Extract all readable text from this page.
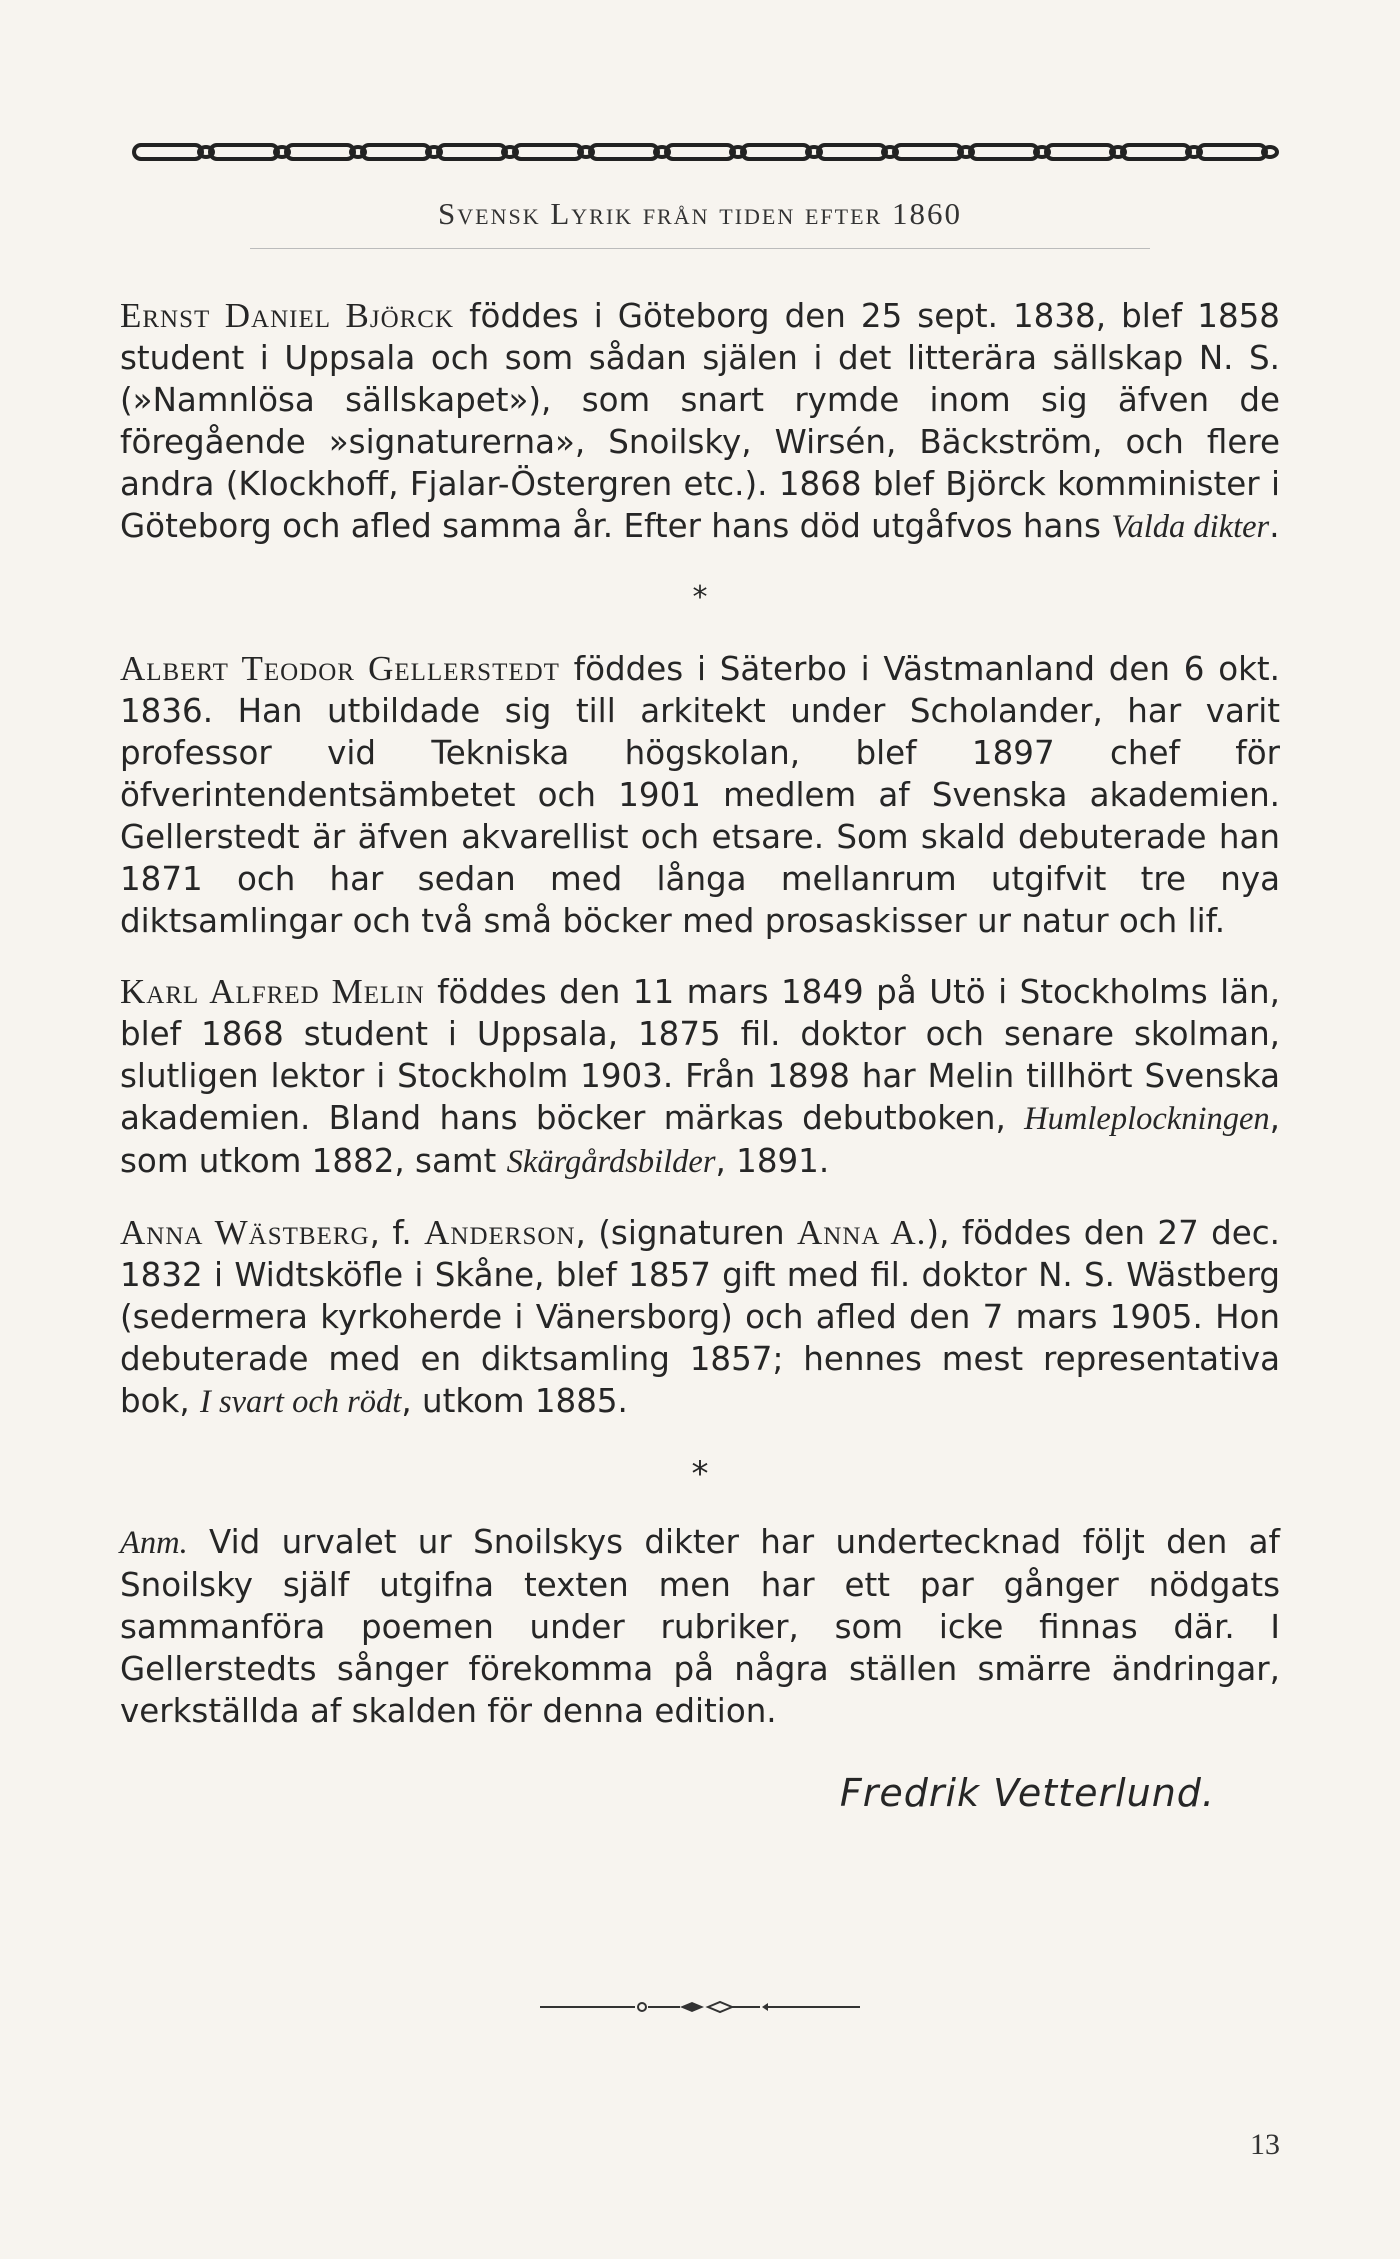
Svensk Lyrik från tiden efter 1860

Ernst Daniel Björck föddes i Göteborg den 25 sept. 1838, blef 1858 student i Uppsala och som sådan själen i det litterära sällskap N. S. (»Namnlösa sällskapet»), som snart rymde inom sig äfven de föregående »signaturerna», Snoilsky, Wirsén, Bäckström, och flere andra (Klockhoff, Fjalar-Östergren etc.). 1868 blef Björck komminister i Göteborg och afled samma år. Efter hans död utgåfvos hans Valda dikter.

*

Albert Teodor Gellerstedt föddes i Säterbo i Västmanland den 6 okt. 1836. Han utbildade sig till arkitekt under Scholander, har varit professor vid Tekniska högskolan, blef 1897 chef för öfverintendentsämbetet och 1901 medlem af Svenska akademien. Gellerstedt är äfven akvarellist och etsare. Som skald debuterade han 1871 och har sedan med långa mellanrum utgifvit tre nya diktsamlingar och två små böcker med prosaskisser ur natur och lif.

Karl Alfred Melin föddes den 11 mars 1849 på Utö i Stockholms län, blef 1868 student i Uppsala, 1875 fil. doktor och senare skolman, slutligen lektor i Stockholm 1903. Från 1898 har Melin tillhört Svenska akademien. Bland hans böcker märkas debutboken, Humleplockningen, som utkom 1882, samt Skärgårdsbilder, 1891.

Anna Wästberg, f. Anderson, (signaturen Anna A.), föddes den 27 dec. 1832 i Widtsköfle i Skåne, blef 1857 gift med fil. doktor N. S. Wästberg (sedermera kyrkoherde i Vänersborg) och afled den 7 mars 1905. Hon debuterade med en diktsamling 1857; hennes mest representativa bok, I svart och rödt, utkom 1885.

*

Anm. Vid urvalet ur Snoilskys dikter har undertecknad följt den af Snoilsky själf utgifna texten men har ett par gånger nödgats sammanföra poemen under rubriker, som icke finnas där. I Gellerstedts sånger förekomma på några ställen smärre ändringar, verkställda af skalden för denna edition.

Fredrik Vetterlund.
13
